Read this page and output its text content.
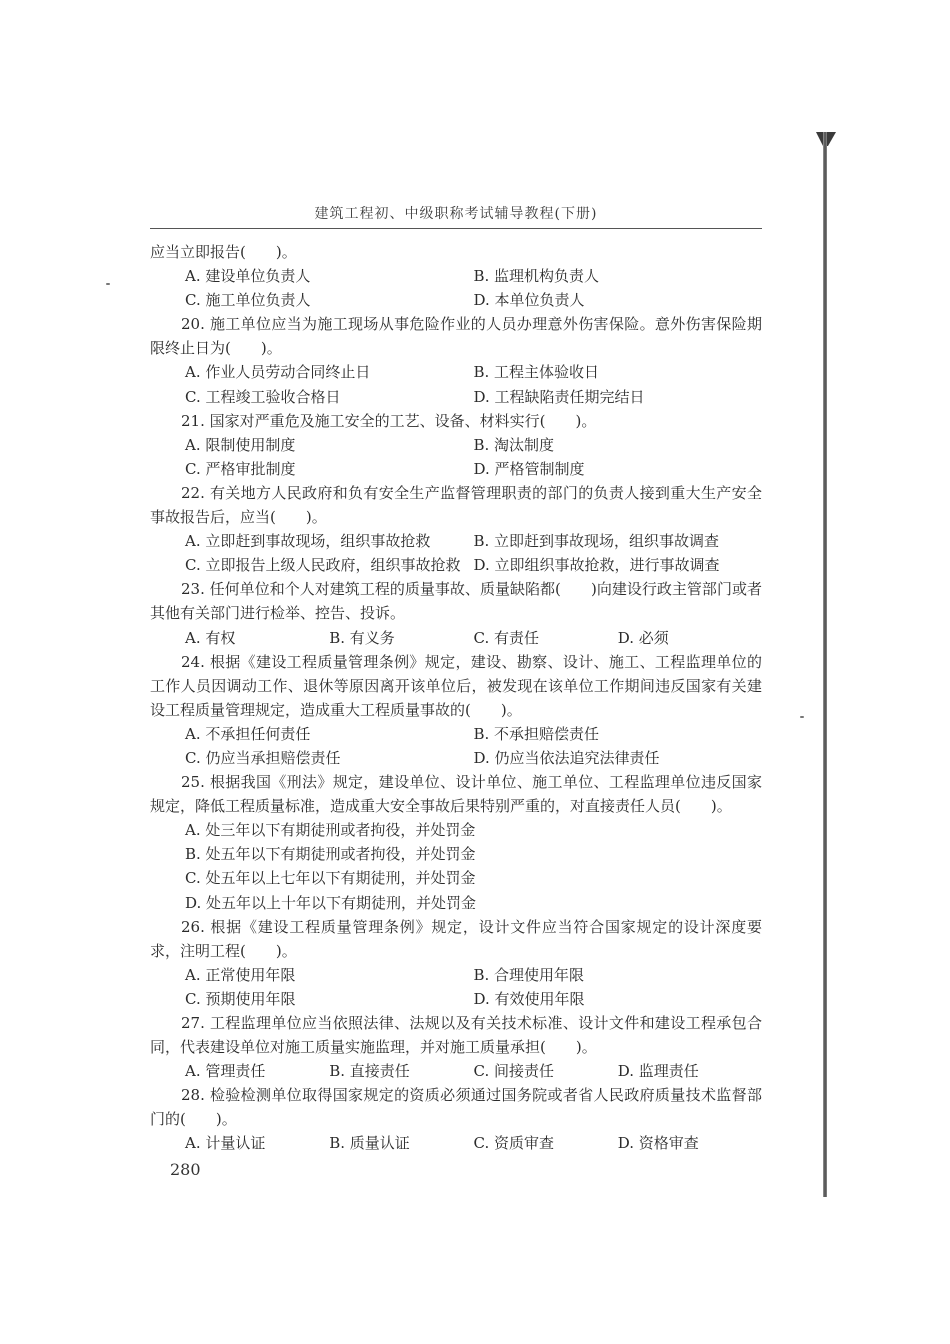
建筑工程初、中级职称考试辅导教程(下册)
应当立即报告(　　)。
A. 建设单位负责人	B. 监理机构负责人
C. 施工单位负责人	D. 本单位负责人
20. 施工单位应当为施工现场从事危险作业的人员办理意外伤害保险。意外伤害保险期限终止日为(　　)。
A. 作业人员劳动合同终止日	B. 工程主体验收日
C. 工程竣工验收合格日	D. 工程缺陷责任期完结日
21. 国家对严重危及施工安全的工艺、设备、材料实行(　　)。
A. 限制使用制度	B. 淘汰制度
C. 严格审批制度	D. 严格管制制度
22. 有关地方人民政府和负有安全生产监督管理职责的部门的负责人接到重大生产安全事故报告后，应当(　　)。
A. 立即赶到事故现场，组织事故抢救	B. 立即赶到事故现场，组织事故调查
C. 立即报告上级人民政府，组织事故抢救 D. 立即组织事故抢救，进行事故调查
23. 任何单位和个人对建筑工程的质量事故、质量缺陷都(　　)向建设行政主管部门或者其他有关部门进行检举、控告、投诉。
A. 有权	B. 有义务	C. 有责任	D. 必须
24. 根据《建设工程质量管理条例》规定，建设、勘察、设计、施工、工程监理单位的工作人员因调动工作、退休等原因离开该单位后，被发现在该单位工作期间违反国家有关建设工程质量管理规定，造成重大工程质量事故的(　　)。
A. 不承担任何责任	B. 不承担赔偿责任
C. 仍应当承担赔偿责任	D. 仍应当依法追究法律责任
25. 根据我国《刑法》规定，建设单位、设计单位、施工单位、工程监理单位违反国家规定，降低工程质量标准，造成重大安全事故后果特别严重的，对直接责任人员(　　)。
A. 处三年以下有期徒刑或者拘役，并处罚金
B. 处五年以下有期徒刑或者拘役，并处罚金
C. 处五年以上七年以下有期徒刑，并处罚金
D. 处五年以上十年以下有期徒刑，并处罚金
26. 根据《建设工程质量管理条例》规定，设计文件应当符合国家规定的设计深度要求，注明工程(　　)。
A. 正常使用年限	B. 合理使用年限
C. 预期使用年限	D. 有效使用年限
27. 工程监理单位应当依照法律、法规以及有关技术标准、设计文件和建设工程承包合同，代表建设单位对施工质量实施监理，并对施工质量承担(　　)。
A. 管理责任	B. 直接责任	C. 间接责任	D. 监理责任
28. 检验检测单位取得国家规定的资质必须通过国务院或者省人民政府质量技术监督部门的(　　)。
A. 计量认证	B. 质量认证	C. 资质审查	D. 资格审查
280
